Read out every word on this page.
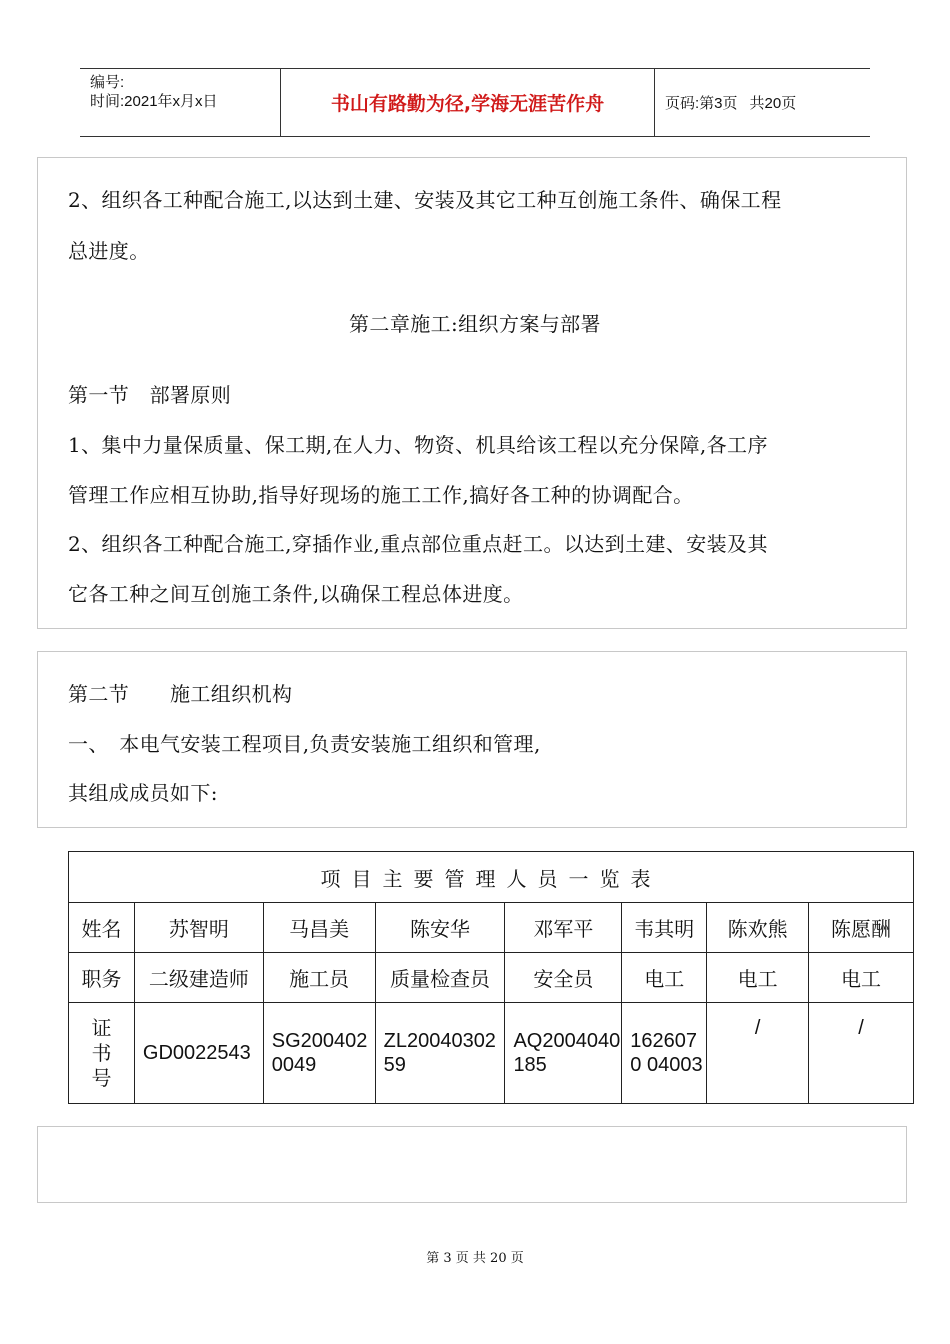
编号:
时间:2021年x月x日	书山有路勤为径,学海无涯苦作舟	页码:第3页 共20页
2、组织各工种配合施工,以达到土建、安装及其它工种互创施工条件、确保工程
总进度。
第二章施工:组织方案与部署
第一节　部署原则
1、集中力量保质量、保工期,在人力、物资、机具给该工程以充分保障,各工序
管理工作应相互协助,指导好现场的施工工作,搞好各工种的协调配合。
2、组织各工种配合施工,穿插作业,重点部位重点赶工。以达到土建、安装及其
它各工种之间互创施工条件,以确保工程总体进度。
第二节　　施工组织机构
一、　本电气安装工程项目,负责安装施工组织和管理,
其组成成员如下:
项目主要管理人员一览表							
姓名	苏智明	马昌美	陈安华	邓军平	韦其明	陈欢熊	陈愿酬
职务	二级建造师	施工员	质量检查员	安全员	电工	电工	电工

证书号	GD0022543	SG2004020049	ZL2004030259	AQ2004040185	1626070 04003	/	/
第 3 页 共 20 页
